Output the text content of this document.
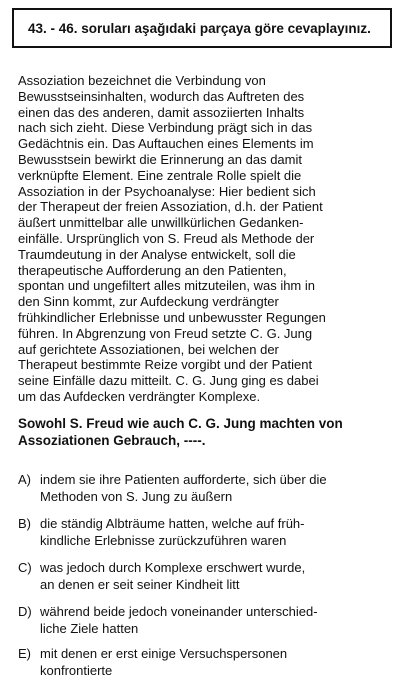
43. - 46. soruları aşağıdaki parçaya göre cevaplayınız.
Assoziation bezeichnet die Verbindung von
Bewusstseinsinhalten, wodurch das Auftreten des
einen das des anderen, damit assoziierten Inhalts
nach sich zieht. Diese Verbindung prägt sich in das
Gedächtnis ein. Das Auftauchen eines Elements im
Bewusstsein bewirkt die Erinnerung an das damit
verknüpfte Element. Eine zentrale Rolle spielt die
Assoziation in der Psychoanalyse: Hier bedient sich
der Therapeut der freien Assoziation, d.h. der Patient
äußert unmittelbar alle unwillkürlichen Gedanken-
einfälle. Ursprünglich von S. Freud als Methode der
Traumdeutung in der Analyse entwickelt, soll die
therapeutische Aufforderung an den Patienten,
spontan und ungefiltert alles mitzuteilen, was ihm in
den Sinn kommt, zur Aufdeckung verdrängter
frühkindlicher Erlebnisse und unbewusster Regungen
führen. In Abgrenzung von Freud setzte C. G. Jung
auf gerichtete Assoziationen, bei welchen der
Therapeut bestimmte Reize vorgibt und der Patient
seine Einfälle dazu mitteilt. C. G. Jung ging es dabei
um das Aufdecken verdrängter Komplexe.
Sowohl S. Freud wie auch C. G. Jung machten von
Assoziationen Gebrauch, ----.
A) indem sie ihre Patienten aufforderte, sich über die
Methoden von S. Jung zu äußern
B) die ständig Albträume hatten, welche auf früh-
kindliche Erlebnisse zurückzuführen waren
C) was jedoch durch Komplexe erschwert wurde,
an denen er seit seiner Kindheit litt
D) während beide jedoch voneinander unterschied-
liche Ziele hatten
E) mit denen er erst einige Versuchspersonen
konfrontierte
